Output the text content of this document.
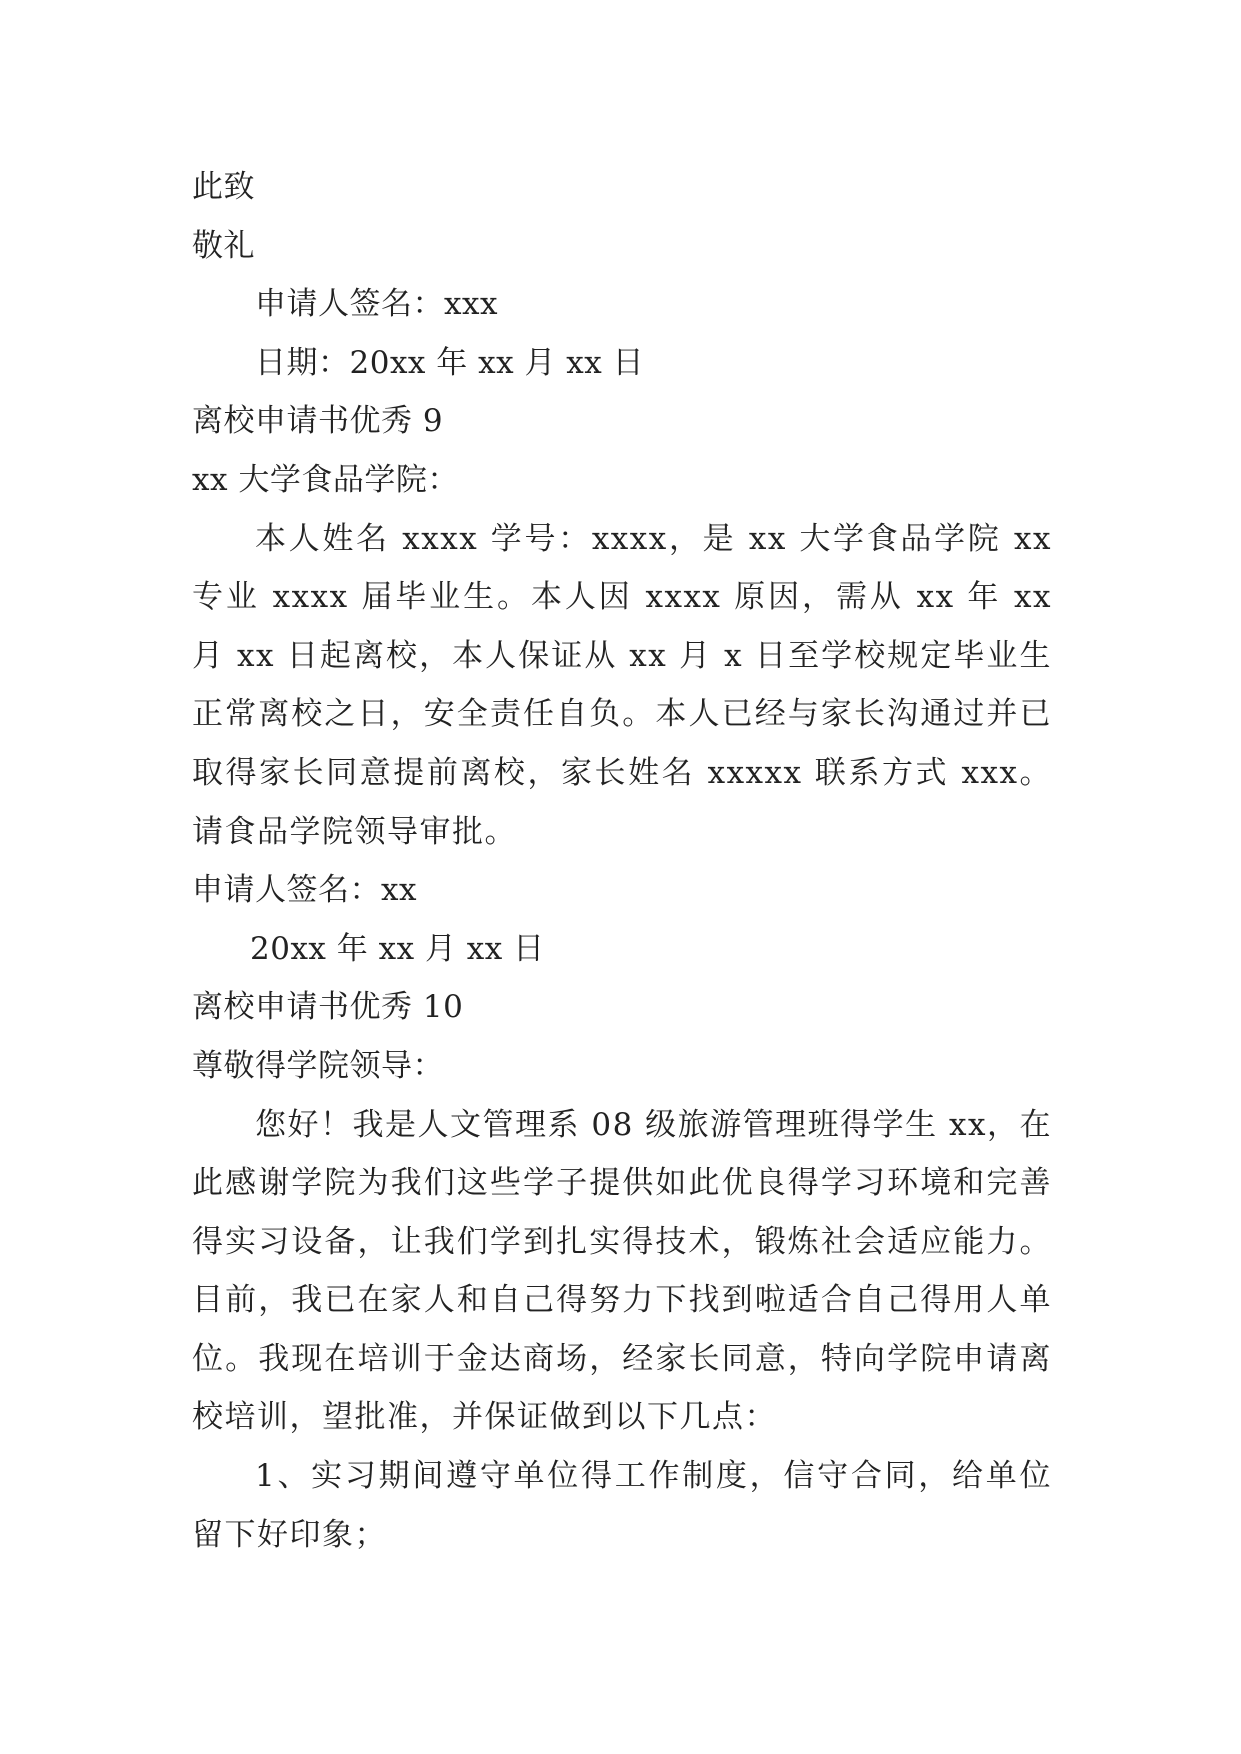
此致
敬礼
申请人签名：xxx
日期：20xx 年 xx 月 xx 日
离校申请书优秀 9
xx 大学食品学院：

本人姓名 xxxx 学号：xxxx，是 xx 大学食品学院 xx 专业 xxxx 届毕业生。本人因 xxxx 原因，需从 xx 年 xx 月 xx 日起离校，本人保证从 xx 月 x 日至学校规定毕业生正常离校之日，安全责任自负。本人已经与家长沟通过并已取得家长同意提前离校，家长姓名 xxxxx 联系方式 xxx。请食品学院领导审批。

申请人签名：xx
20xx 年 xx 月 xx 日
离校申请书优秀 10
尊敬得学院领导：

您好！我是人文管理系 08 级旅游管理班得学生 xx，在此感谢学院为我们这些学子提供如此优良得学习环境和完善得实习设备，让我们学到扎实得技术，锻炼社会适应能力。目前，我已在家人和自己得努力下找到啦适合自己得用人单位。我现在培训于金达商场，经家长同意，特向学院申请离校培训，望批准，并保证做到以下几点：

1、实习期间遵守单位得工作制度，信守合同，给单位留下好印象；
